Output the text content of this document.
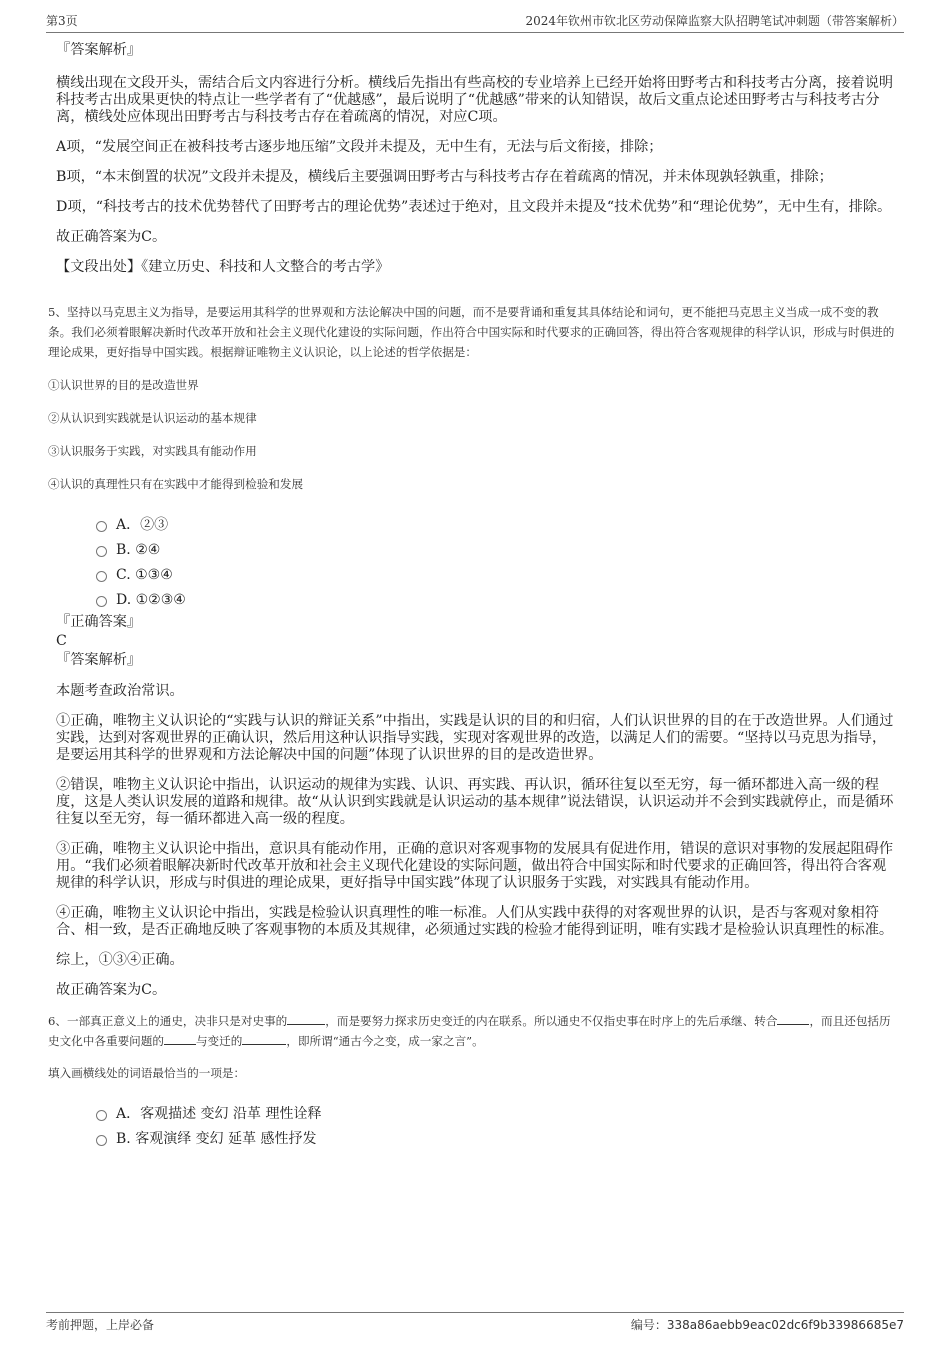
第3页	2024年钦州市钦北区劳动保障监察大队招聘笔试冲刺题（带答案解析）

『答案解析』

横线出现在文段开头，需结合后文内容进行分析。横线后先指出有些高校的专业培养上已经开始将田野考古和科技考古分离，接着说明科技考古出成果更快的特点让一些学者有了“优越感”，最后说明了“优越感”带来的认知错误，故后文重点论述田野考古与科技考古分离，横线处应体现出田野考古与科技考古存在着疏离的情况，对应C项。

A项，“发展空间正在被科技考古逐步地压缩”文段并未提及，无中生有，无法与后文衔接，排除；

B项，“本末倒置的状况”文段并未提及，横线后主要强调田野考古与科技考古存在着疏离的情况，并未体现孰轻孰重，排除；

D项，“科技考古的技术优势替代了田野考古的理论优势”表述过于绝对，且文段并未提及“技术优势”和“理论优势”，无中生有，排除。

故正确答案为C。

【文段出处】《建立历史、科技和人文整合的考古学》

5、坚持以马克思主义为指导，是要运用其科学的世界观和方法论解决中国的问题，而不是要背诵和重复其具体结论和词句，更不能把马克思主义当成一成不变的教条。我们必须着眼解决新时代改革开放和社会主义现代化建设的实际问题，作出符合中国实际和时代要求的正确回答，得出符合客观规律的科学认识，形成与时俱进的理论成果，更好指导中国实践。根据辩证唯物主义认识论，以上论述的哲学依据是：

①认识世界的目的是改造世界

②从认识到实践就是认识运动的基本规律

③认识服务于实践，对实践具有能动作用

④认识的真理性只有在实践中才能得到检验和发展

A．②③
B. ②④
C. ①③④
D. ①②③④

『正确答案』

C

『答案解析』

本题考查政治常识。

①正确，唯物主义认识论的“实践与认识的辩证关系”中指出，实践是认识的目的和归宿，人们认识世界的目的在于改造世界。人们通过实践，达到对客观世界的正确认识，然后用这种认识指导实践，实现对客观世界的改造，以满足人们的需要。“坚持以马克思为指导，是要运用其科学的世界观和方法论解决中国的问题”体现了认识世界的目的是改造世界。

②错误，唯物主义认识论中指出，认识运动的规律为实践、认识、再实践、再认识，循环往复以至无穷，每一循环都进入高一级的程度，这是人类认识发展的道路和规律。故“从认识到实践就是认识运动的基本规律”说法错误，认识运动并不会到实践就停止，而是循环往复以至无穷，每一循环都进入高一级的程度。

③正确，唯物主义认识论中指出，意识具有能动作用，正确的意识对客观事物的发展具有促进作用，错误的意识对事物的发展起阻碍作用。“我们必须着眼解决新时代改革开放和社会主义现代化建设的实际问题，做出符合中国实际和时代要求的正确回答，得出符合客观规律的科学认识，形成与时俱进的理论成果，更好指导中国实践”体现了认识服务于实践，对实践具有能动作用。

④正确，唯物主义认识论中指出，实践是检验认识真理性的唯一标准。人们从实践中获得的对客观世界的认识，是否与客观对象相符合、相一致，是否正确地反映了客观事物的本质及其规律，必须通过实践的检验才能得到证明，唯有实践才是检验认识真理性的标准。

综上，①③④正确。

故正确答案为C。

6、一部真正意义上的通史，决非只是对史事的	，而是要努力探求历史变迁的内在联系。所以通史不仅指史事在时序上的先后承继、转合	，而且还包括历史文化中各重要问题的	与变迁的	，即所谓“通古今之变，成一家之言”。

填入画横线处的词语最恰当的一项是：

A．客观描述 变幻 沿革 理性诠释
B. 客观演绎 变幻 延革 感性抒发
考前押题，上岸必备	编号：338a86aebb9eac02dc6f9b33986685e7
